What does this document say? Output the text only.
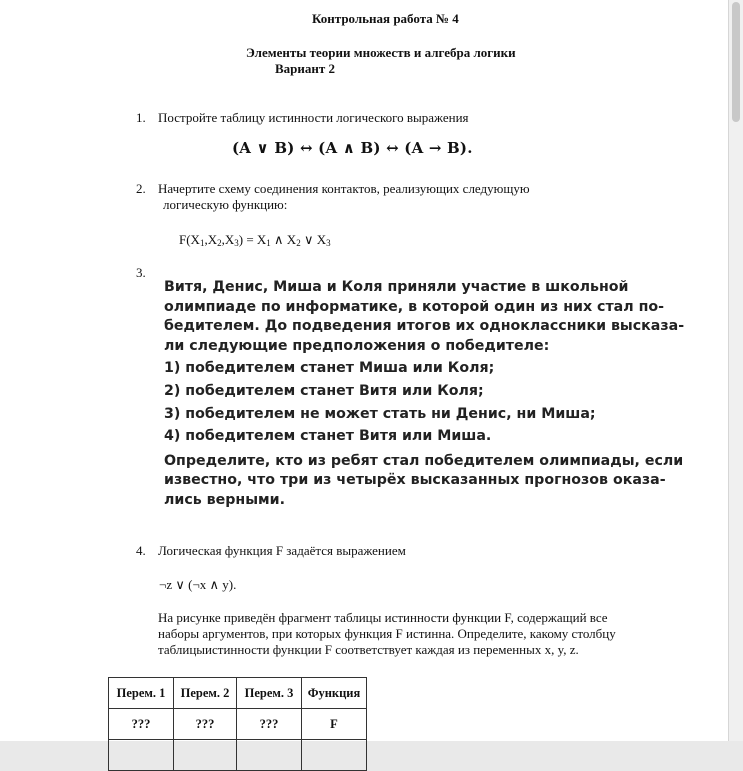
Контрольная работа № 4
Элементы теории множеств и алгебра логики
Вариант 2
1. Постройте таблицу истинности логического выражения
(A ∨ B) ↔ (A ∧ B) ↔ (A → B).
2. Начертите схему соединения контактов, реализующих следующую
логическую функцию:
$F(X_1,X_2,X_3) = X_1$ ∧ $X_2$ ∨ $X_3$
3.
Витя, Денис, Миша и Коля приняли участие в школьной
олимпиаде по информатике, в которой один из них стал по-
бедителем. До подведения итогов их одноклассники высказа-
ли следующие предположения о победителе:
1) победителем станет Миша или Коля;
2) победителем станет Витя или Коля;
3) победителем не может стать ни Денис, ни Миша;
4) победителем станет Витя или Миша.
Определите, кто из ребят стал победителем олимпиады, если
известно, что три из четырёх высказанных прогнозов оказа-
лись верными.
4. Логическая функция F задаётся выражением
¬z ∨ (¬x ∧ y).
На рисунке приведён фрагмент таблицы истинности функции F, содержащий все
наборы аргументов, при которых функция F истинна. Определите, какому столбцу
таблицыистинности функции F соответствует каждая из переменных x, y, z.
Перем. 1	Перем. 2	Перем. 3	Функция
???	???	???	F
